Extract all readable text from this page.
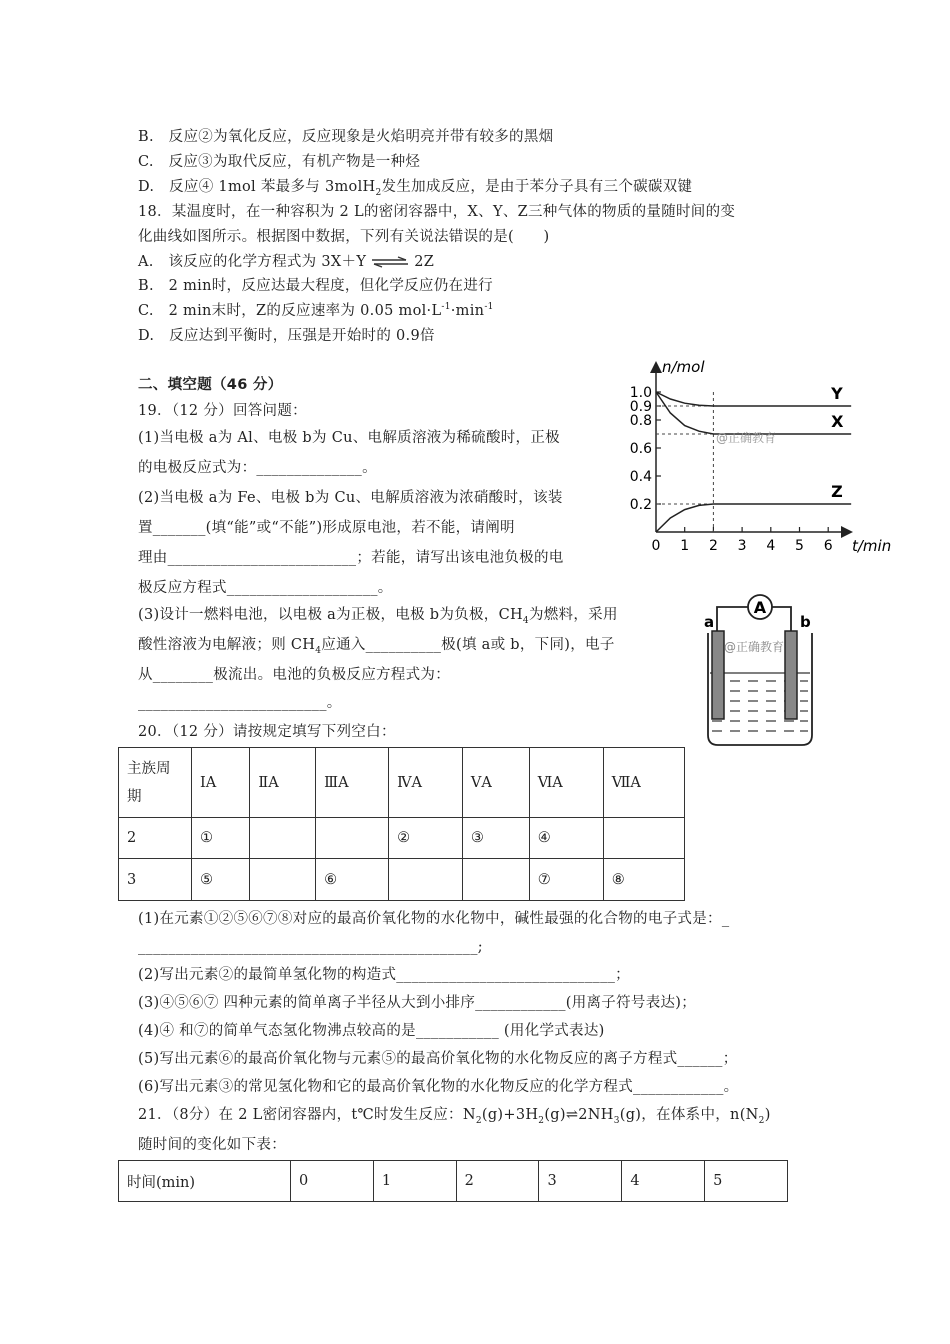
B.　反应②为氧化反应，反应现象是火焰明亮并带有较多的黑烟
C.　反应③为取代反应，有机产物是一种烃
D.　反应④ 1mol 苯最多与 3molH$_2$发生加成反应，是由于苯分子具有三个碳碳双键
18．某温度时，在一种容积为 2 L的密闭容器中，X、Y、Z三种气体的物质的量随时间的变
化曲线如图所示。根据图中数据，下列有关说法错误的是(　　)
A.　该反应的化学方程式为 3X＋Y ⇌ 2Z
B.　2 min时，反应达最大程度，但化学反应仍在进行
C.　2 min末时，Z的反应速率为 0.05 $mol\cdot L^{-1}\cdot\min^{-1}$
D.　反应达到平衡时，压强是开始时的 0.9倍
二、填空题（46 分）
19．（12 分）回答问题：
(1)当电极 a为 Al、电极 b为 Cu、电解质溶液为稀硫酸时，正极
的电极反应式为：______________。
(2)当电极 a为 Fe、电极 b为 Cu、电解质溶液为浓硝酸时，该装
置_______(填“能”或“不能”)形成原电池，若不能，请阐明
理由_________________________；若能，请写出该电池负极的电
极反应方程式____________________。
(3)设计一燃料电池，以电极 a为正极，电极 b为负极，$CH_4$为燃料，采用
酸性溶液为电解液；则 $CH_4$应通入__________极(填 a或 b，下同)，电子
从________极流出。电池的负极反应方程式为：
_________________________。
20．（12 分）请按规定填写下列空白：
主族周
期	ⅠA	ⅡA	ⅢA	ⅣA	ⅤA	ⅥA	ⅦA
2	①			②	③	④	
3	⑤		⑥			⑦	⑧
(1)在元素①②⑤⑥⑦⑧对应的最高价氧化物的水化物中，碱性最强的化合物的电子式是：_
_____________________________________________;
(2)写出元素②的最简单氢化物的构造式_____________________________；
(3)④⑤⑥⑦ 四种元素的简单离子半径从大到小排序____________(用离子符号表达)；
(4)④ 和⑦的简单气态氢化物沸点较高的是___________ (用化学式表达)
(5)写出元素⑥的最高价氧化物与元素⑤的最高价氧化物的水化物反应的离子方程式______；
(6)写出元素③的常见氢化物和它的最高价氧化物的水化物反应的化学方程式____________。
21．（8分）在 2 L密闭容器内，t℃时发生反应：$N_2(g)+3H_2(g)\rightleftharpoons 2NH_3(g)$，在体系中，$n(N_2)$
随时间的变化如下表：
时间(min)	0	1	2	3	4	5
n/mol
t/min
1.0
0.9
0.8
0.6
0.4
0.2
0 1 2 3 4 5 6
Y
X
Z
@正确教育
A
a	b
@正确教育
